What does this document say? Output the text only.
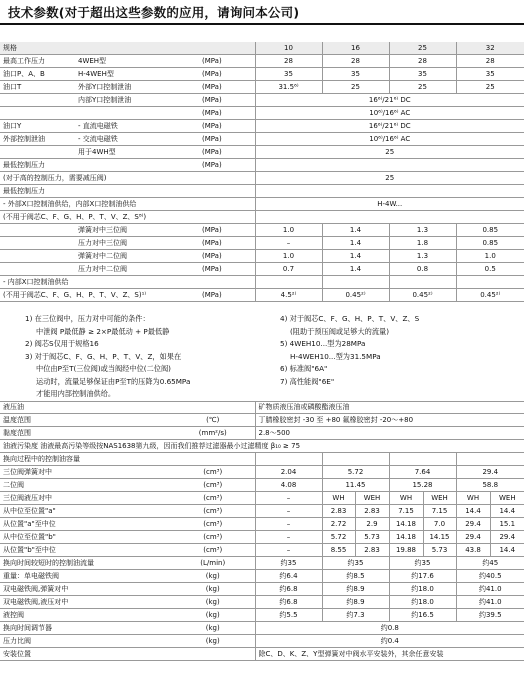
技术参数(对于超出这些参数的应用，请询问本公司)
规格			10	16	25	32
最高工作压力	4WEH型	(MPa)	28	28	28	28
油口P、A、B	H-4WEH型	(MPa)	35	35	35	35
油口T	外部Y口控制泄油	(MPa)	31.5⁶⁾	25	25	25
	内部Y口控制泄油	(MPa)	16⁶⁾/21⁶⁾ DC			
		(MPa)	10⁶⁾/16⁶⁾ AC			
油口Y	- 直流电磁铁	(MPa)	16⁶⁾/21⁶⁾ DC			
外部控制泄油	- 交流电磁铁	(MPa)	10⁶⁾/16⁶⁾ AC			
	用于4WH型	(MPa)	25			
最低控制压力		(MPa)				
(对于高的控制压力，需要减压阀)			25			
最低控制压力						
- 外部X口控制油供给，内部X口控制油供给			H-4W...			
(不用于阀芯C、F、G、H、P、T、V、Z、S⁸⁾)						
	弹簧对中三位阀	(MPa)	1.0	1.4	1.3	0.85
	压力对中三位阀	(MPa)	–	1.4	1.8	0.85
	弹簧对中二位阀	(MPa)	1.0	1.4	1.3	1.0
	压力对中二位阀	(MPa)	0.7	1.4	0.8	0.5
- 内部X口控制油供给						
(不用于阀芯C、F、G、H、P、T、V、Z、S)¹⁾		(MPa)	4.5²⁾	0.45²⁾	0.45²⁾	0.45²⁾
1) 在三位阀中，压力对中可能的条件：
中泄阀 P最低静 ≥ 2×P最低动 + P最低静
2) 阀芯S仅用于规格16
3) 对于阀芯C、F、G、H、P、T、V、Z，如果在
中位由P至T(三位阀)或当阀经中位(二位阀)
运动时，流量足够保证由P至T的压降为0.65MPa
才能用内部控制油供给。
4) 对于阀芯C、F、G、H、P、T、V、Z、S
(阻助于预压阀或足够大的流量)
5) 4WEH10...型为28MPa
H-4WEH10...型为31.5MPa
6) 标准阀"6A"
7) 高性能阀"6E"
液压油		矿物质液压油或磷酸酯液压油						
温度范围	(℃)	丁腈橡胶密封 -30 至 +80 氟橡胶密封 -20～+80						
黏度范围	(mm²/s)	2.8～500						
油液污染度 油液最高污染等级按NAS1638第九级，因而我们推荐过滤器最小过滤精度 β₁₀ ≥ 75								
换向过程中的控制油容量								
三位阀弹簧对中	(cm³)	2.04	5.72		7.64		29.4	
二位阀	(cm³)	4.08	11.45		15.28		58.8	
三位阀液压对中	(cm³)	–	WH	WEH	WH	WEH	WH	WEH
从中位至位置"a"	(cm³)	–	2.83	2.83	7.15	7.15	14.4	14.4
从位置"a"至中位	(cm³)	–	2.72	2.9	14.18	7.0	29.4	15.1
从中位至位置"b"	(cm³)	–	5.72	5.73	14.18	14.15	29.4	29.4
从位置"b"至中位	(cm³)	–	8.55	2.83	19.88	5.73	43.8	14.4
换向时间较短时的控制油流量	(L/min)	约35	约35		约35		约45	
重量：单电磁铁阀	(kg)	约6.4	约8.5		约17.6		约40.5	
双电磁铁阀,弹簧对中	(kg)	约6.8	约8.9		约18.0		约41.0	
双电磁铁阀,液压对中	(kg)	约6.8	约8.9		约18.0		约41.0	
液控阀	(kg)	约5.5	约7.3		约16.5		约39.5	
换向时间调节器	(kg)	约0.8						
压力比阀	(kg)	约0.4						
安装位置		除C、D、K、Z、Y型弹簧对中阀水平安装外，其余任意安装						
